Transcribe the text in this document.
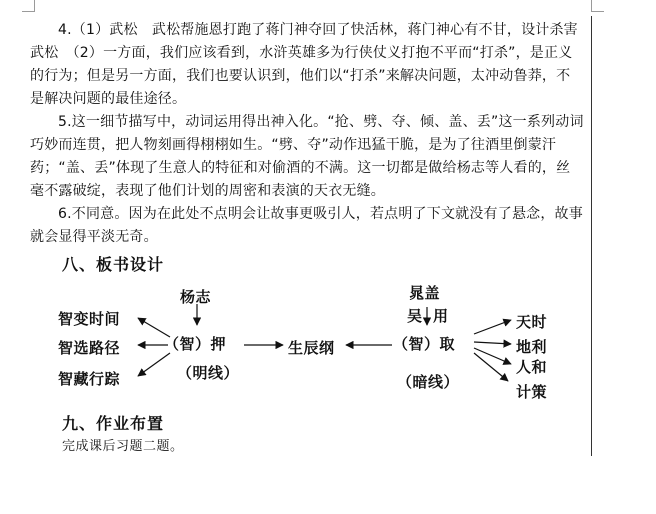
4.（1）武松　武松帮施恩打跑了蒋门神夺回了快活林，蒋门神心有不甘，设计杀害武松　（2）一方面，我们应该看到，水浒英雄多为行侠仗义打抱不平而“打杀”，是正义的行为；但是另一方面，我们也要认识到，他们以“打杀”来解决问题，太冲动鲁莽，不是解决问题的最佳途径。

5.这一细节描写中，动词运用得出神入化。“抢、劈、夺、倾、盖、丢”这一系列动词巧妙而连贯，把人物刻画得栩栩如生。“劈、夺”动作迅猛干脆，是为了往酒里倒蒙汗药；“盖、丢”体现了生意人的特征和对偷酒的不满。这一切都是做给杨志等人看的，丝毫不露破绽，表现了他们计划的周密和表演的天衣无缝。

6.不同意。因为在此处不点明会让故事更吸引人，若点明了下文就没有了悬念，故事就会显得平淡无奇。

八、板书设计
杨志	晁盖
吴 用
智变时间
智选路径
智藏行踪
（智）押
（明线）
生辰纲	（智）取
（暗线）
天时
地利
人和
计策
九、作业布置
完成课后习题二题。
